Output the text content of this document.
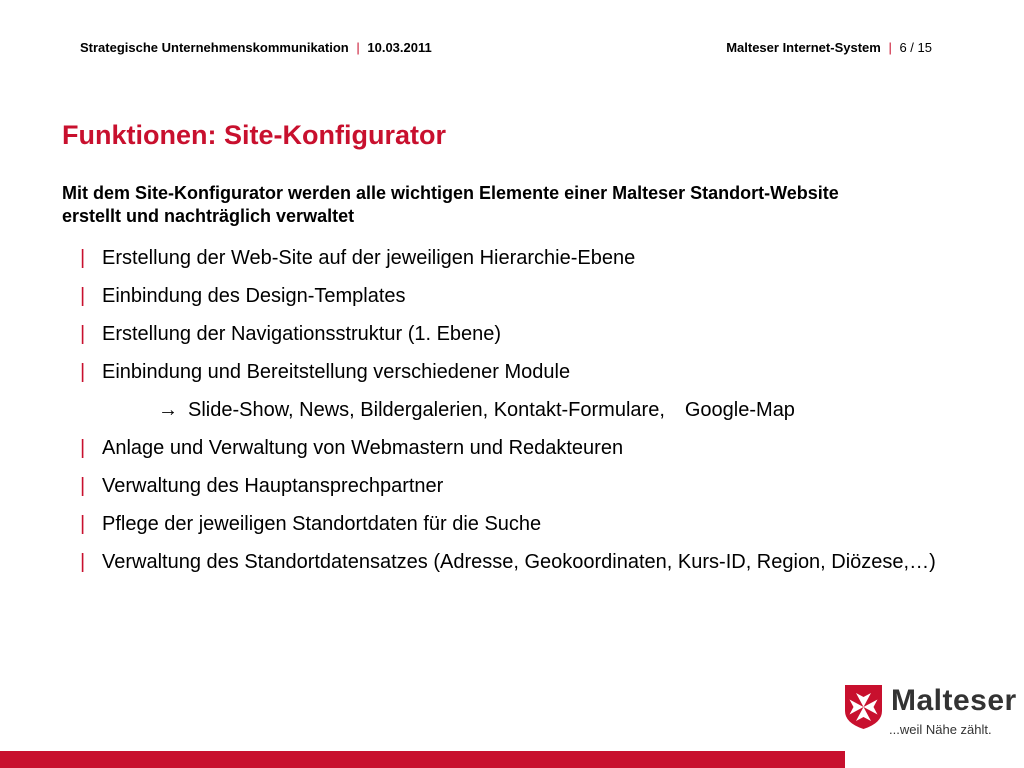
Strategische Unternehmenskommunikation | 10.03.2011	Malteser Internet-System | 6 / 15
Funktionen: Site-Konfigurator
Mit dem Site-Konfigurator werden alle wichtigen Elemente einer Malteser Standort-Website erstellt und nachträglich verwaltet
| Erstellung der Web-Site auf der jeweiligen Hierarchie-Ebene
| Einbindung des Design-Templates
| Erstellung der Navigationsstruktur (1. Ebene)
| Einbindung und Bereitstellung verschiedener Module
→ Slide-Show, News, Bildergalerien, Kontakt-Formulare, Google-Map
| Anlage und Verwaltung von Webmastern und Redakteuren
| Verwaltung des Hauptansprechpartner
| Pflege der jeweiligen Standortdaten für die Suche
| Verwaltung des Standortdatensatzes (Adresse, Geokoordinaten, Kurs-ID, Region, Diözese,…)
Malteser
...weil Nähe zählt.
